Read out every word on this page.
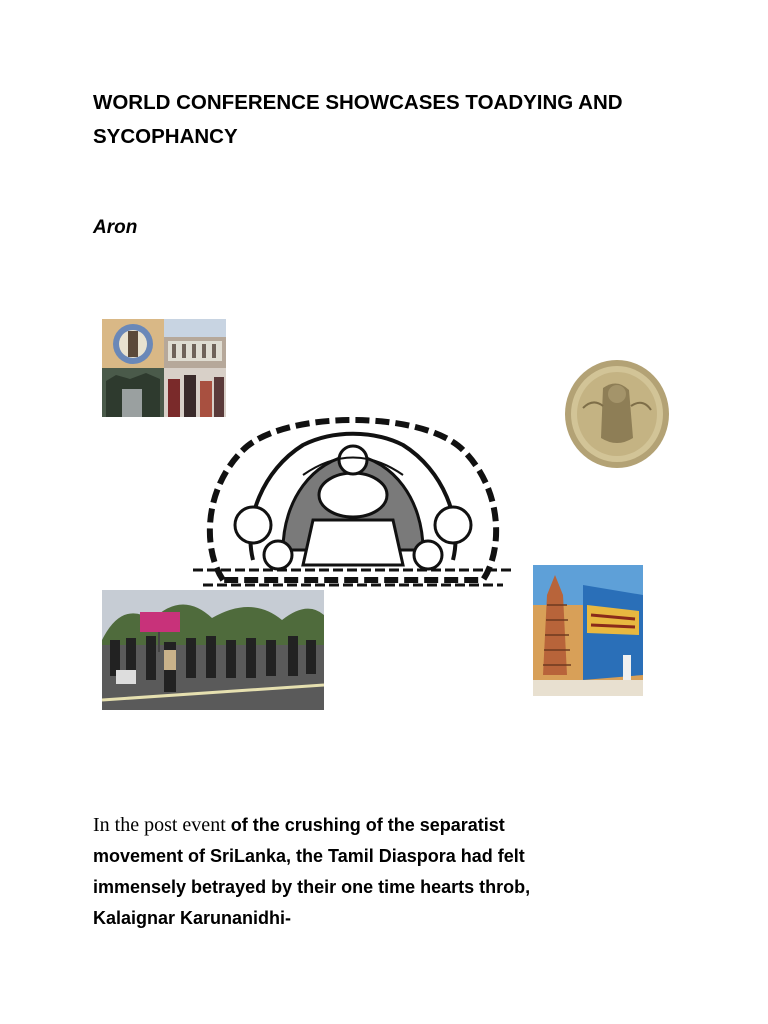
WORLD CONFERENCE SHOWCASES TOADYING AND
SYCOPHANCY
Aron
In the post event of the crushing of the separatist
movement of SriLanka, the Tamil Diaspora had felt
immensely betrayed by their one time hearts throb,
Kalaignar Karunanidhi-
